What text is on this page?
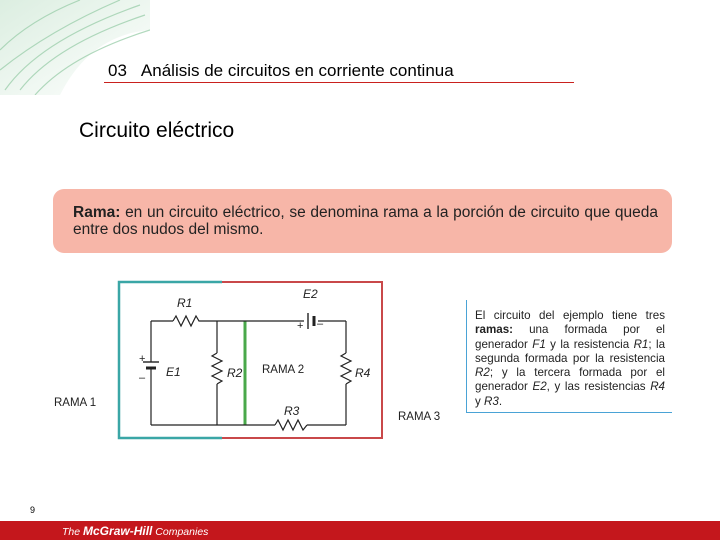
03 Análisis de circuitos en corriente continua
Circuito eléctrico
Rama: en un circuito eléctrico, se denomina rama a la porción de circuito que queda entre dos nudos del mismo.
R1
E2
E1	R2	R4
R3
+ –
+
–
RAMA 1
RAMA 2
RAMA 3
El circuito del ejemplo tiene tres ramas: una formada por el generador F1 y la resistencia R1; la segunda formada por la resistencia R2; y la tercera formada por el generador E2, y las resistencias R4 y R3.
9
The McGraw-Hill Companies
